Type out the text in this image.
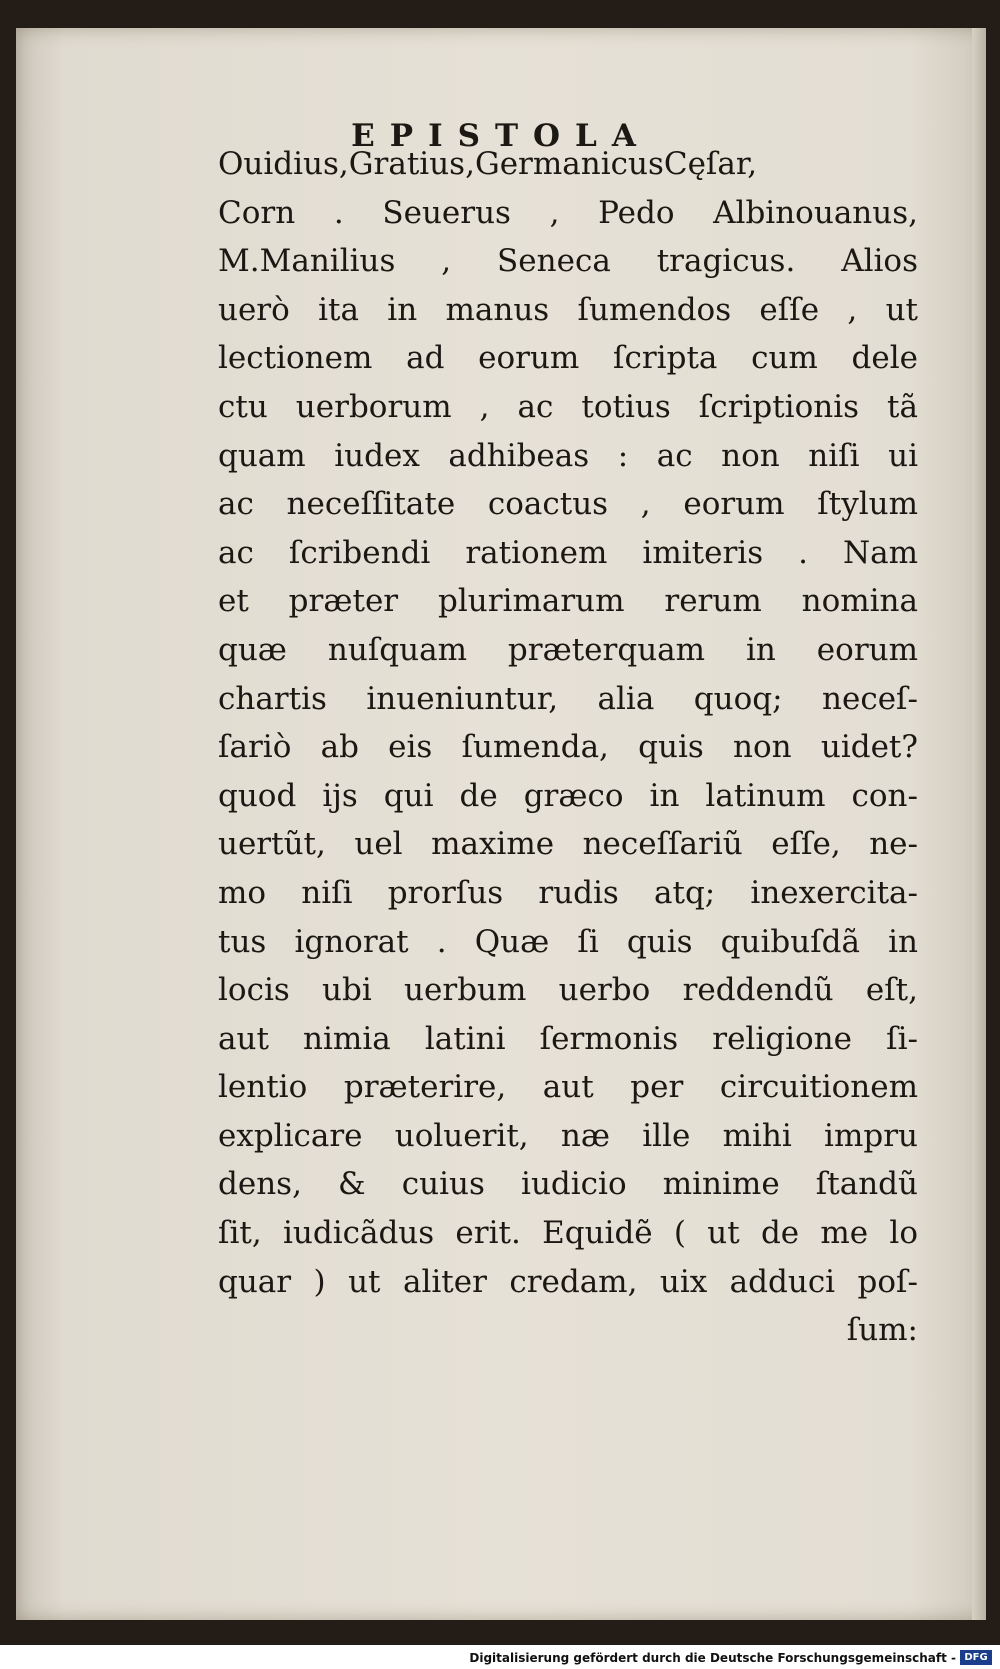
EPISTOLA
Ouidius,Gratius,GermanicusCęſar,
Corn . Seuerus , Pedo Albinouanus,
M.Manilius , Seneca tragicus. Alios
uerò ita in manus ſumendos eſſe , ut
lectionem ad eorum ſcripta cum dele
ctu uerborum , ac totius ſcriptionis tã
quam iudex adhibeas : ac non niſi ui
ac neceſſitate coactus , eorum ſtylum
ac ſcribendi rationem imiteris . Nam
et præter plurimarum rerum nomina
quæ nuſquam præterquam in eorum
chartis inueniuntur, alia quoq; neceſ-
ſariò ab eis ſumenda, quis non uidet?
quod ijs qui de græco in latinum con-
uertũt, uel maxime neceſſariũ eſſe, ne-
mo niſi prorſus rudis atq; inexercita-
tus ignorat . Quæ ſi quis quibuſdã in
locis ubi uerbum uerbo reddendũ eſt,
aut nimia latini ſermonis religione ſi-
lentio præterire, aut per circuitionem
explicare uoluerit, næ ille mihi impru
dens, & cuius iudicio minime ſtandũ
ſit, iudicãdus erit. Equidẽ ( ut de me lo
quar ) ut aliter credam, uix adduci poſ-
ſum:

Digitalisierung gefördert durch die Deutsche Forschungsgemeinschaft - DFG
